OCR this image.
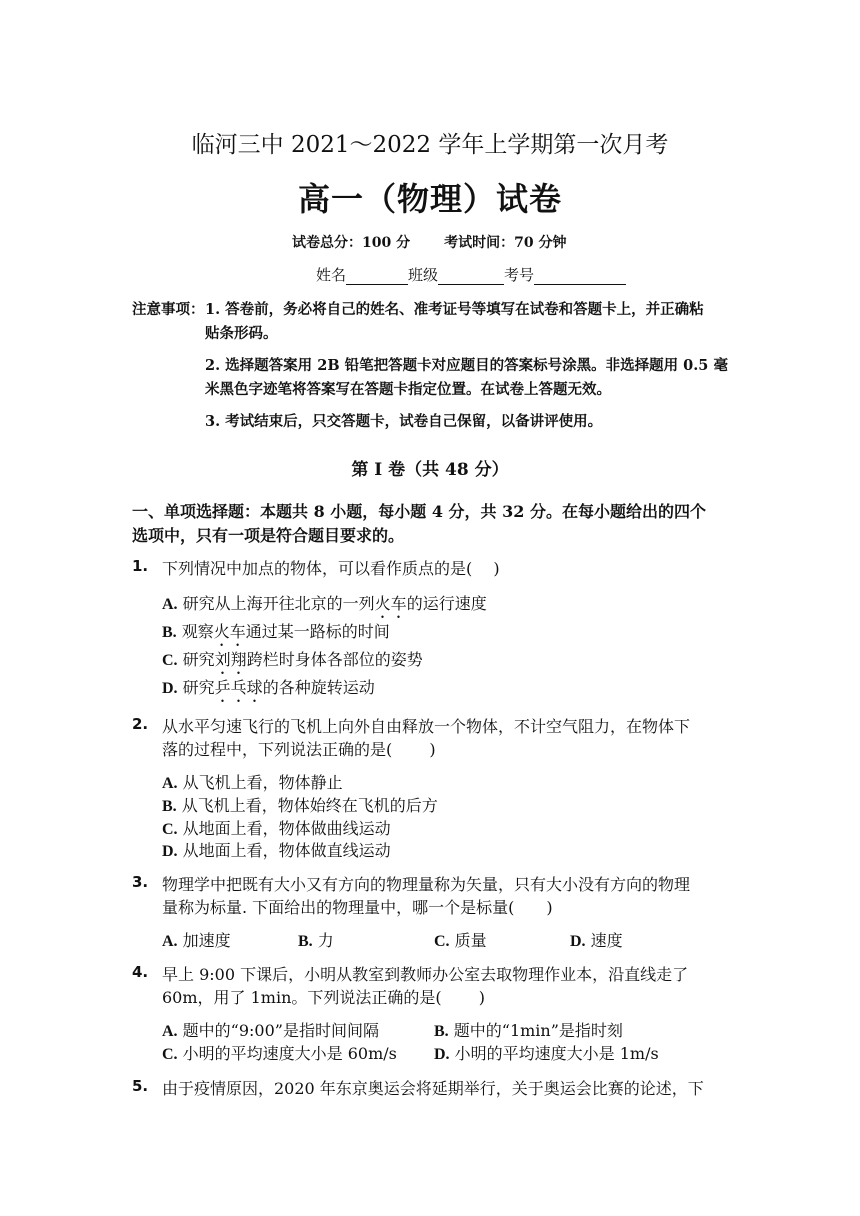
临河三中 2021～2022 学年上学期第一次月考
高一（物理）试卷
试卷总分：100 分 考试时间：70 分钟
姓名	班级	考号
注意事项： 1. 答卷前，务必将自己的姓名、准考证号等填写在试卷和答题卡上，并正确粘
贴条形码。
2. 选择题答案用 2B 铅笔把答题卡对应题目的答案标号涂黑。非选择题用 0.5 毫
米黑色字迹笔将答案写在答题卡指定位置。在试卷上答题无效。
3. 考试结束后，只交答题卡，试卷自己保留，以备讲评使用。
第 Ⅰ 卷（共 48 分）
一、单项选择题：本题共 8 小题，每小题 4 分，共 32 分。在每小题给出的四个
选项中，只有一项是符合题目要求的。
1. 下列情况中加点的物体，可以看作质点的是(　 )
A. 研究从上海开往北京的一列火车的运行速度
B. 观察火车通过某一路标的时间
C. 研究刘翔跨栏时身体各部位的姿势
D. 研究乒乓球的各种旋转运动
2. 从水平匀速飞行的飞机上向外自由释放一个物体，不计空气阻力，在物体下
落的过程中，下列说法正确的是(　　 )
A. 从飞机上看，物体静止
B. 从飞机上看，物体始终在飞机的后方
C. 从地面上看，物体做曲线运动
D. 从地面上看，物体做直线运动
3. 物理学中把既有大小又有方向的物理量称为矢量，只有大小没有方向的物理
量称为标量. 下面给出的物理量中，哪一个是标量(　　)
A. 加速度	B. 力	C. 质量	D. 速度
4. 早上 9:00 下课后，小明从教室到教师办公室去取物理作业本，沿直线走了
60m，用了 1min。下列说法正确的是(　　 )
A. 题中的“9:00”是指时间间隔	B. 题中的“1min”是指时刻
C. 小明的平均速度大小是 60m/s D. 小明的平均速度大小是 1m/s
5. 由于疫情原因，2020 年东京奥运会将延期举行，关于奥运会比赛的论述，下
